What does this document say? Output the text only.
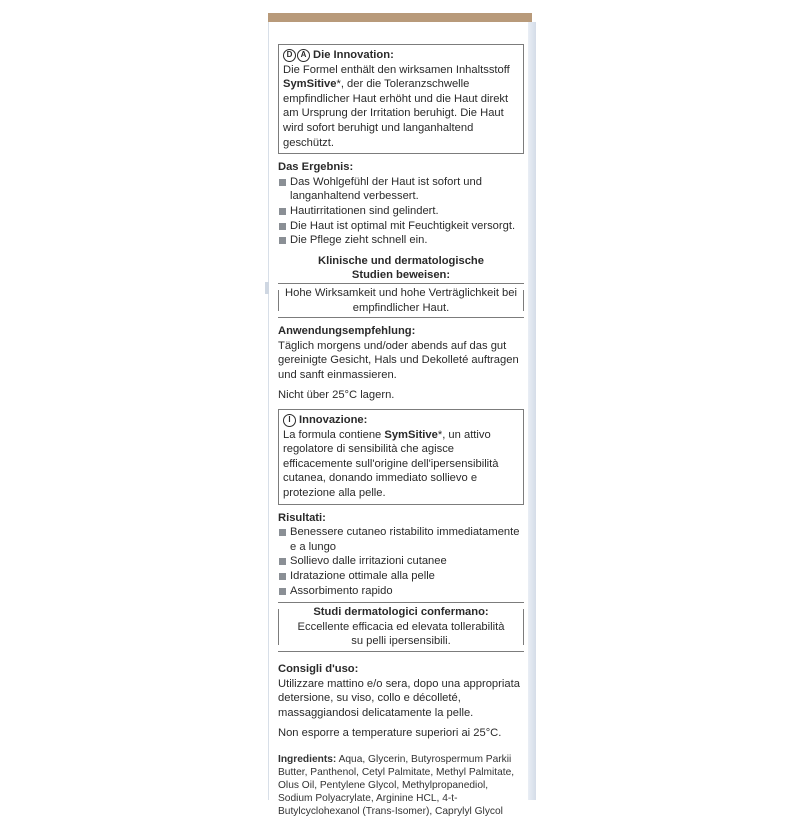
D	A Die Innovation:

Die Formel enthält den wirksamen Inhaltsstoff SymSitive*, der die Toleranzschwelle empfindlicher Haut erhöht und die Haut direkt am Ursprung der Irritation beruhigt. Die Haut wird sofort beruhigt und langanhaltend geschützt.

Das Ergebnis:
Das Wohlgefühl der Haut ist sofort und langanhaltend verbessert.
Hautirritationen sind gelindert.
Die Haut ist optimal mit Feuchtigkeit versorgt.
Die Pflege zieht schnell ein.
Klinische und dermatologische Studien beweisen:
Hohe Wirksamkeit und hohe Verträglichkeit bei empfindlicher Haut.
Anwendungsempfehlung:

Täglich morgens und/oder abends auf das gut gereinigte Gesicht, Hals und Dekolleté auftragen und sanft einmassieren.

Nicht über 25°C lagern.

I Innovazione:

La formula contiene SymSitive*, un attivo regolatore di sensibilità che agisce efficacemente sull'origine dell'ipersensibilità cutanea, donando immediato sollievo e protezione alla pelle.

Risultati:
Benessere cutaneo ristabilito immediatamente e a lungo
Sollievo dalle irritazioni cutanee
Idratazione ottimale alla pelle
Assorbimento rapido
Studi dermatologici confermano:
Eccellente efficacia ed elevata tollerabilità su pelli ipersensibili.
Consigli d'uso:

Utilizzare mattino e/o sera, dopo una appropriata detersione, su viso, collo e décolleté, massaggiandosi delicatamente la pelle.

Non esporre a temperature superiori ai 25°C.

Ingredients: Aqua, Glycerin, Butyrospermum Parkii Butter, Panthenol, Cetyl Palmitate, Methyl Palmitate, Olus Oil, Pentylene Glycol, Methylpropanediol, Sodium Polyacrylate, Arginine HCL, 4-t-Butylcyclohexanol (Trans-Isomer), Caprylyl Glycol
